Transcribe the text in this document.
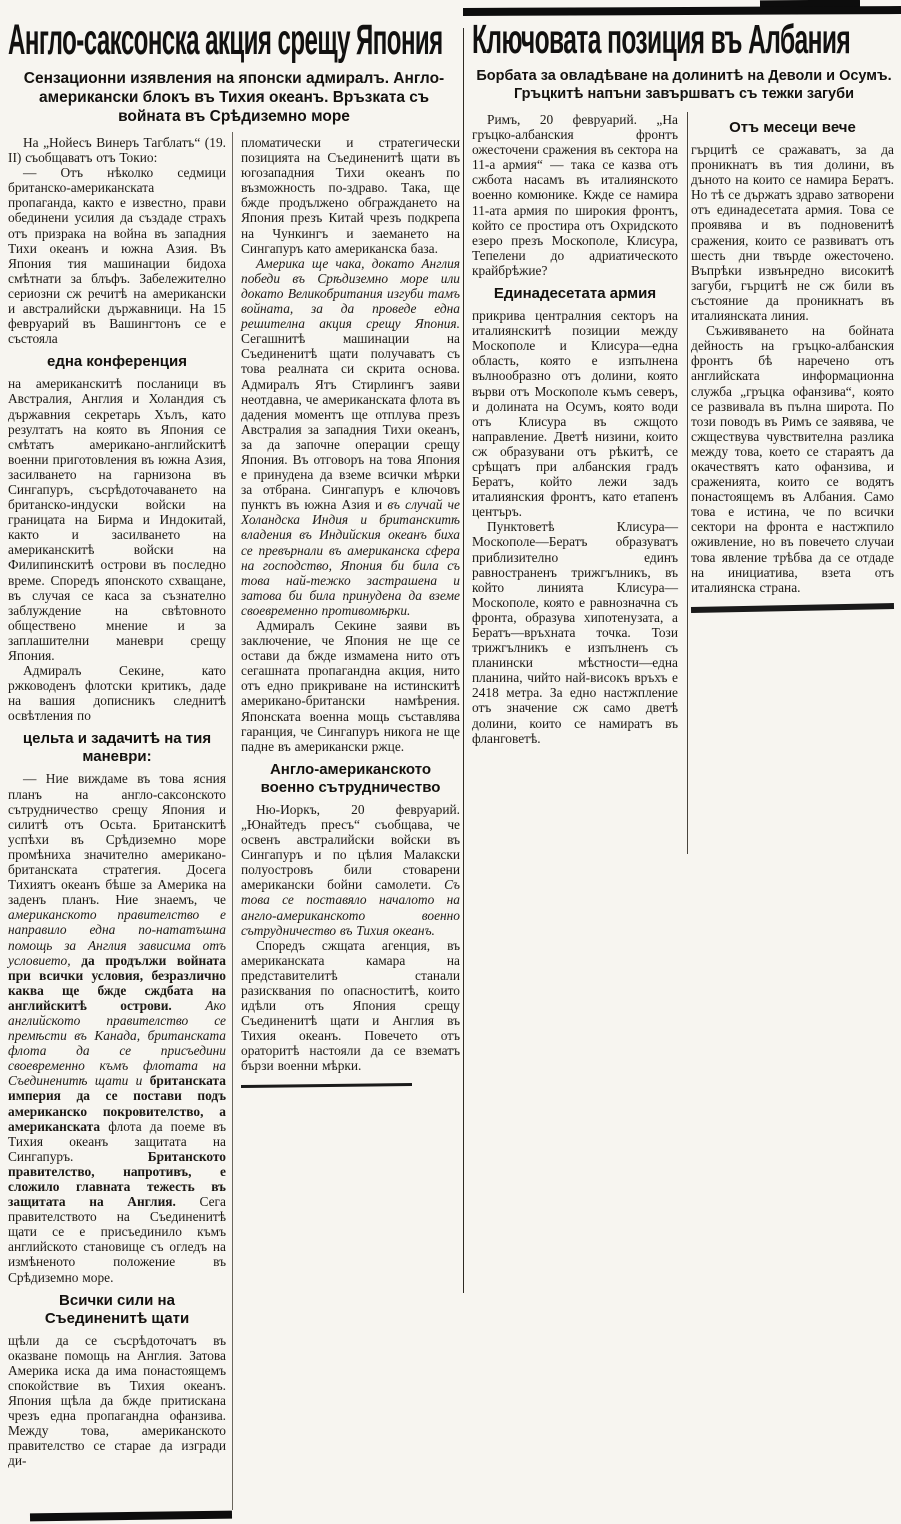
Англо-саксонска акция срещу Япония
Сензационни изявления на японски адмиралъ. Англо-американски блокъ въ Тихия океанъ. Връзката съ войната въ Срѣдиземно море

На „Нойесъ Винеръ Тагблатъ“ (19. II) съобщаватъ отъ Токио:

— Отъ нѣколко седмици британско-американската пропаганда, както е известно, прави обединени усилия да създаде страхъ отъ призрака на война въ западния Тихи океанъ и южна Азия. Въ Япония тия машинации бидоха смѣтнати за блъфъ. Забележително сериозни сж речитѣ на американски и австралийски държавници. На 15 февруарий въ Вашингтонъ се е състояла

една конференция

на американскитѣ посланици въ Австралия, Англия и Холандия съ държавния секретарь Хълъ, като резултатъ на която въ Япония се смѣтатъ американо-английскитѣ военни приготовления въ южна Азия, засилването на гарнизона въ Сингапуръ, съсрѣдоточаването на британско-индуски войски на границата на Бирма и Индокитай, както и засилването на американскитѣ войски на Филипинскитѣ острови въ последно време. Споредъ японското схващане, въ случая се каса за съзнателно заблуждение на свѣтовното обществено мнение и за заплашителни маневри срещу Япония.

Адмиралъ Секине, като ржководенъ флотски критикъ, даде на вашия дописникъ следнитѣ освѣтления по

цельта и задачитѣ на тия маневри:

— Ние виждаме въ това ясния планъ на англо-саксонското сътрудничество срещу Япония и силитѣ отъ Осьта. Британскитѣ успѣхи въ Срѣдиземно море промѣниха значително американо-британската стратегия. Досега Тихиятъ океанъ бѣше за Америка на заденъ планъ. Ние знаемъ, че американското правителство е направило една по-нататъшна помощь за Англия зависима отъ условието, да продължи войната при всички условия, безразлично каква ще бжде сждбата на английскитѣ острови.	Ако английското правителство се премѣсти въ Канада, британската флота да се присъедини своевременно къмъ флотата на Съединенитѣ щати и британската империя да се постави подъ американско покровителство, а американската флота да поеме въ Тихия океанъ защитата на Сингапуръ.	Британското правителство, напротивъ, е сложило главната тежесть въ защитата на Англия. Сега правителството на Съединенитѣ щати се е присъединило къмъ английското становище съ огледъ на измѣненото положение въ Срѣдиземно море.

Всички сили на Съединенитѣ щати

щѣли да се съсрѣдоточатъ въ оказване помощь на Англия. Затова Америка иска да има понастоящемъ спокойствие въ Тихия океанъ. Япония щѣла да бжде притискана чрезъ една пропагандна офанзива. Между това, американското правителство се старае да изгради ди-

пломатически и стратегически позицията на Съединенитѣ щати въ югозападния Тихи океанъ по възможность по-здраво. Така, ще бжде продължено обграждането на Япония презъ Китай чрезъ подкрепа на Чункингъ и заемането на Сингапуръ като американска база.

Америка ще чака, докато Англия победи въ Срѣдиземно море или докато Великобритания изгуби тамъ войната, за да проведе една решителна акция срещу Япония. Сегашнитѣ машинации на Съединенитѣ щати получаватъ съ това реалната си скрита основа. Адмиралъ Ятъ Стирлингъ заяви неотдавна, че американската флота въ дадения моментъ ще отплува презъ Австралия за западния Тихи океанъ, за да започне операции срещу Япония. Въ отговоръ на това Япония е принудена да вземе всички мѣрки за отбрана. Сингапуръ е ключовъ пунктъ въ южна Азия и въ случай че Холандска Индия и британскитѣ владения въ Индийския океанъ биха се превърнали въ американска сфера на господство, Япония би била съ това най-тежко застрашена и затова би била принудена да вземе своевременно противомѣрки.

Адмиралъ Секине заяви въ заключение, че Япония не ще се остави да бжде измамена нито отъ сегашната пропагандна акция, нито отъ едно прикриване на истинскитѣ американо-британски намѣрения. Японската военна мощь съставлява гаранция, че Сингапуръ никога не ще падне въ американски ржце.

Англо-американското военно сътрудничество

Ню-Иоркъ, 20 февруарий. „Юнайтедъ пресъ“ съобщава, че освенъ австралийски войски въ Сингапуръ и по цѣлия Малакски полуостровъ били стоварени американски бойни самолети. Съ това се поставяло началото на англо-американското военно сътрудничество въ Тихия океанъ.

Споредъ сжщата агенция, въ американската камара на представителитѣ станали разисквания по опасноститѣ, които идѣли отъ Япония срещу Съединенитѣ щати и Англия въ Тихия океанъ. Повечето отъ ораторитѣ настояли да се взематъ бързи военни мѣрки.

Ключовата позиция въ Албания
Борбата за овладѣване на долинитѣ на Деволи и Осумъ. Гръцкитѣ напъни завършватъ съ тежки загуби

Римъ, 20 февруарий. „На гръцко-албанския фронтъ ожесточени сражения въ сектора на 11-а армия“ — така се казва отъ сжбота насамъ въ италиянското военно комюнике. Кжде се намира 11-ата армия по широкия фронтъ, който се простира отъ Охридското езеро презъ Москополе, Клисура, Тепелени до адриатическото крайбрѣжие?

Единадесетата армия

прикрива централния секторъ на италиянскитѣ позиции между Москополе и Клисура—една область, която е изпълнена вълнообразно отъ долини, която върви отъ Москополе къмъ северъ, и долината на Осумъ, която води отъ Клисура въ сжщото направление. Дветѣ низини, които сж образувани отъ рѣкитѣ, се срѣщатъ при албанския градъ Бератъ, който лежи задъ италиянския фронтъ, като етапенъ центъръ.

Пунктоветѣ Клисура—Москополе—Бератъ образуватъ приблизително единъ равностраненъ трижгълникъ, въ който линията Клисура—Москополе, която е равнозначна съ фронта, образува хипотенузата, а Бератъ—връхната точка. Този трижгълникъ е изпълненъ съ планински мѣстности—една планина, чийто най-високъ връхъ е 2418 метра. За едно настжпление отъ значение сж само дветѣ долини, които се намиратъ въ фланговетѣ.

Отъ месеци вече

гърцитѣ се сражаватъ, за да проникнатъ въ тия долини, въ дъното на които се намира Бератъ. Но тѣ се държатъ здраво затворени отъ единадесетата армия. Това се проявява и въ подновенитѣ сражения, които се развиватъ отъ шесть дни твърде ожесточено. Въпрѣки извънредно високитѣ загуби, гърцитѣ не сж били въ състояние да проникнатъ въ италиянската линия.

Съживяването на бойната дейность на гръцко-албанския фронтъ бѣ наречено отъ английската информационна служба „гръцка офанзива“, която се развивала въ пълна широта. По този поводъ въ Римъ се заявява, че сжществува чувствителна разлика между това, което се стараятъ да окачествятъ като офанзива, и сраженията, които се водятъ понастоящемъ въ Албания. Само това е истина, че по всички сектори на фронта е настжпило оживление, но въ повечето случаи това явление трѣбва да се отдаде на инициатива, взета отъ италиянска страна.
